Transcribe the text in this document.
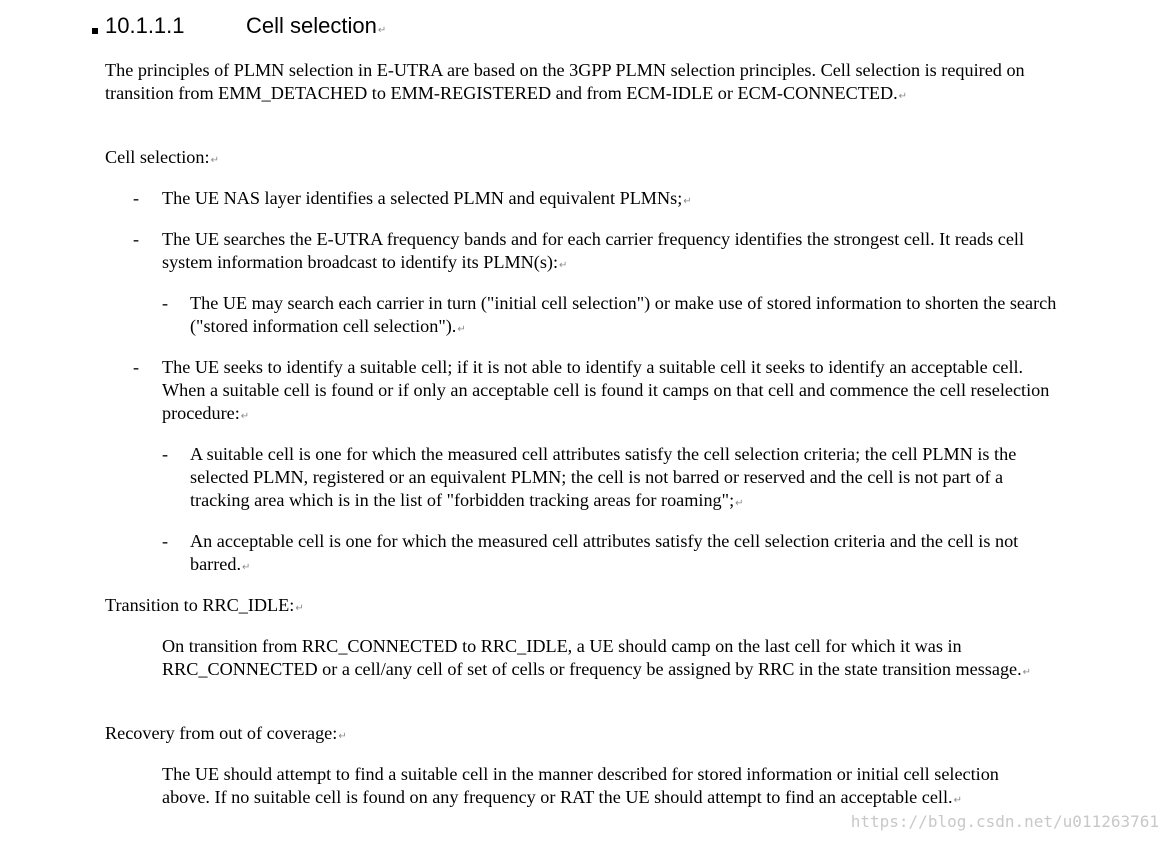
10.1.1.1	Cell selection↵

The principles of PLMN selection in E-UTRA are based on the 3GPP PLMN selection principles. Cell selection is required on transition from EMM_DETACHED to EMM-REGISTERED and from ECM-IDLE or ECM-CONNECTED.↵

Cell selection:↵

- The UE NAS layer identifies a selected PLMN and equivalent PLMNs;↵
- The UE searches the E-UTRA frequency bands and for each carrier frequency identifies the strongest cell. It reads cell system information broadcast to identify its PLMN(s):↵
- The UE may search each carrier in turn ("initial cell selection") or make use of stored information to shorten the search ("stored information cell selection").↵
- The UE seeks to identify a suitable cell; if it is not able to identify a suitable cell it seeks to identify an acceptable cell. When a suitable cell is found or if only an acceptable cell is found it camps on that cell and commence the cell reselection procedure:↵
- A suitable cell is one for which the measured cell attributes satisfy the cell selection criteria; the cell PLMN is the selected PLMN, registered or an equivalent PLMN; the cell is not barred or reserved and the cell is not part of a tracking area which is in the list of "forbidden tracking areas for roaming";↵
- An acceptable cell is one for which the measured cell attributes satisfy the cell selection criteria and the cell is not barred.↵

Transition to RRC_IDLE:↵

On transition from RRC_CONNECTED to RRC_IDLE, a UE should camp on the last cell for which it was in RRC_CONNECTED or a cell/any cell of set of cells or frequency be assigned by RRC in the state transition message.↵

Recovery from out of coverage:↵

The UE should attempt to find a suitable cell in the manner described for stored information or initial cell selection above. If no suitable cell is found on any frequency or RAT the UE should attempt to find an acceptable cell.↵

https://blog.csdn.net/u011263761
